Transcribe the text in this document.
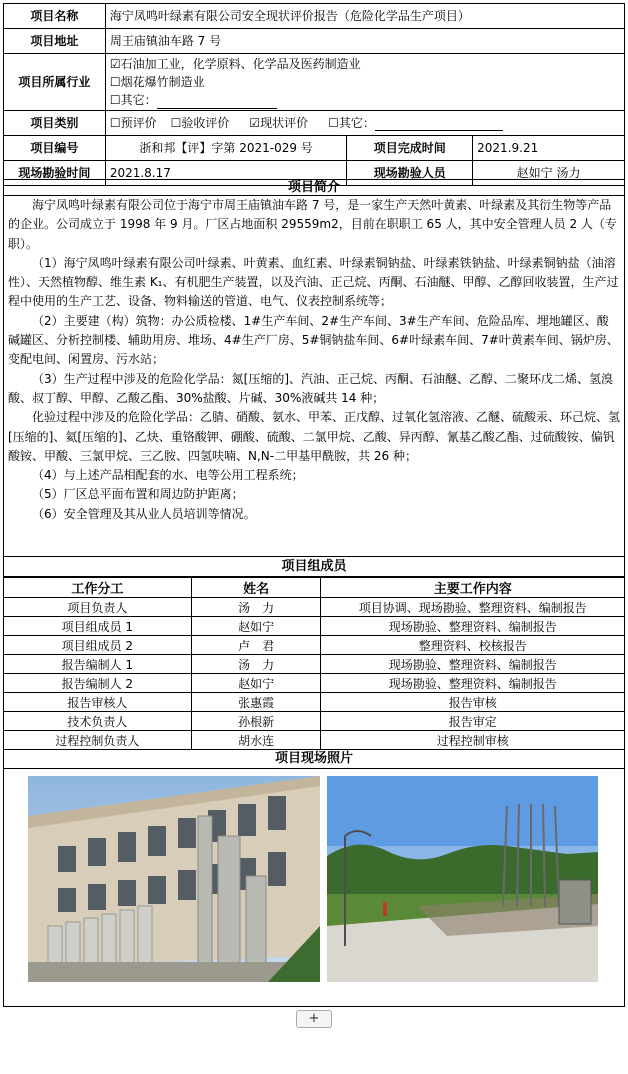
项目名称	海宁凤鸣叶绿素有限公司安全现状评价报告（危险化学品生产项目）		
项目地址	周王庙镇油车路 7 号		
项目所属行业	☑石油加工业，化学原料、化学品及医药制造业
☐烟花爆竹制造业
☐其它：		

项目类别	☐预评价 ☐验收评价 ☑现状评价 ☐其它：		
项目编号	浙和邦【评】字第 2021-029 号	项目完成时间	2021.9.21
现场勘验时间	2021.8.17	现场勘验人员	赵如宁 汤力
项目简介

海宁凤鸣叶绿素有限公司位于海宁市周王庙镇油车路 7 号，是一家生产天然叶黄素、叶绿素及其衍生物等产品的企业。公司成立于 1998 年 9 月。厂区占地面积 29559m2，目前在职职工 65 人，其中安全管理人员 2 人（专职）。

（1）海宁凤鸣叶绿素有限公司叶绿素、叶黄素、血红素、叶绿素铜钠盐、叶绿素铁钠盐、叶绿素铜钠盐（油溶性）、天然植物醇、维生素 K₁、有机肥生产装置，以及汽油、正己烷、丙酮、石油醚、甲醇、乙醇回收装置，生产过程中使用的生产工艺、设备、物料输送的管道、电气、仪表控制系统等；

（2）主要建（构）筑物：办公质检楼、1#生产车间、2#生产车间、3#生产车间、危险品库、埋地罐区、酸碱罐区、分析控制楼、辅助用房、堆场、4#生产厂房、5#铜钠盐车间、6#叶绿素车间、7#叶黄素车间、锅炉房、变配电间、闲置房、污水站；

（3）生产过程中涉及的危险化学品：氮[压缩的]、汽油、正己烷、丙酮、石油醚、乙醇、二聚环戊二烯、氢溴酸、叔丁醇、甲醇、乙酸乙酯、30%盐酸、片碱、30%液碱共 14 种；

化验过程中涉及的危险化学品：乙腈、硝酸、氨水、甲苯、正戊醇、过氧化氢溶液、乙醚、硫酸汞、环己烷、氢[压缩的]、氦[压缩的]、乙炔、重铬酸钾、硼酸、硫酸、二氯甲烷、乙酸、异丙醇、氰基乙酸乙酯、过硫酸铵、偏钒酸铵、甲酸、三氯甲烷、三乙胺、四氢呋喃、N,N-二甲基甲酰胺，共 26 种；

（4）与上述产品相配套的水、电等公用工程系统；

（5）厂区总平面布置和周边防护距离；

（6）安全管理及其从业人员培训等情况。

项目组成员
工作分工	姓名	主要工作内容
项目负责人	汤　力	项目协调、现场勘验、整理资料、编制报告
项目组成员 1	赵如宁	现场勘验、整理资料、编制报告
项目组成员 2	卢　君	整理资料、校核报告
报告编制人 1	汤　力	现场勘验、整理资料、编制报告
报告编制人 2	赵如宁	现场勘验、整理资料、编制报告
报告审核人	张惠霞	报告审核
技术负责人	孙根新	报告审定
过程控制负责人	胡水连	过程控制审核
项目现场照片
+
